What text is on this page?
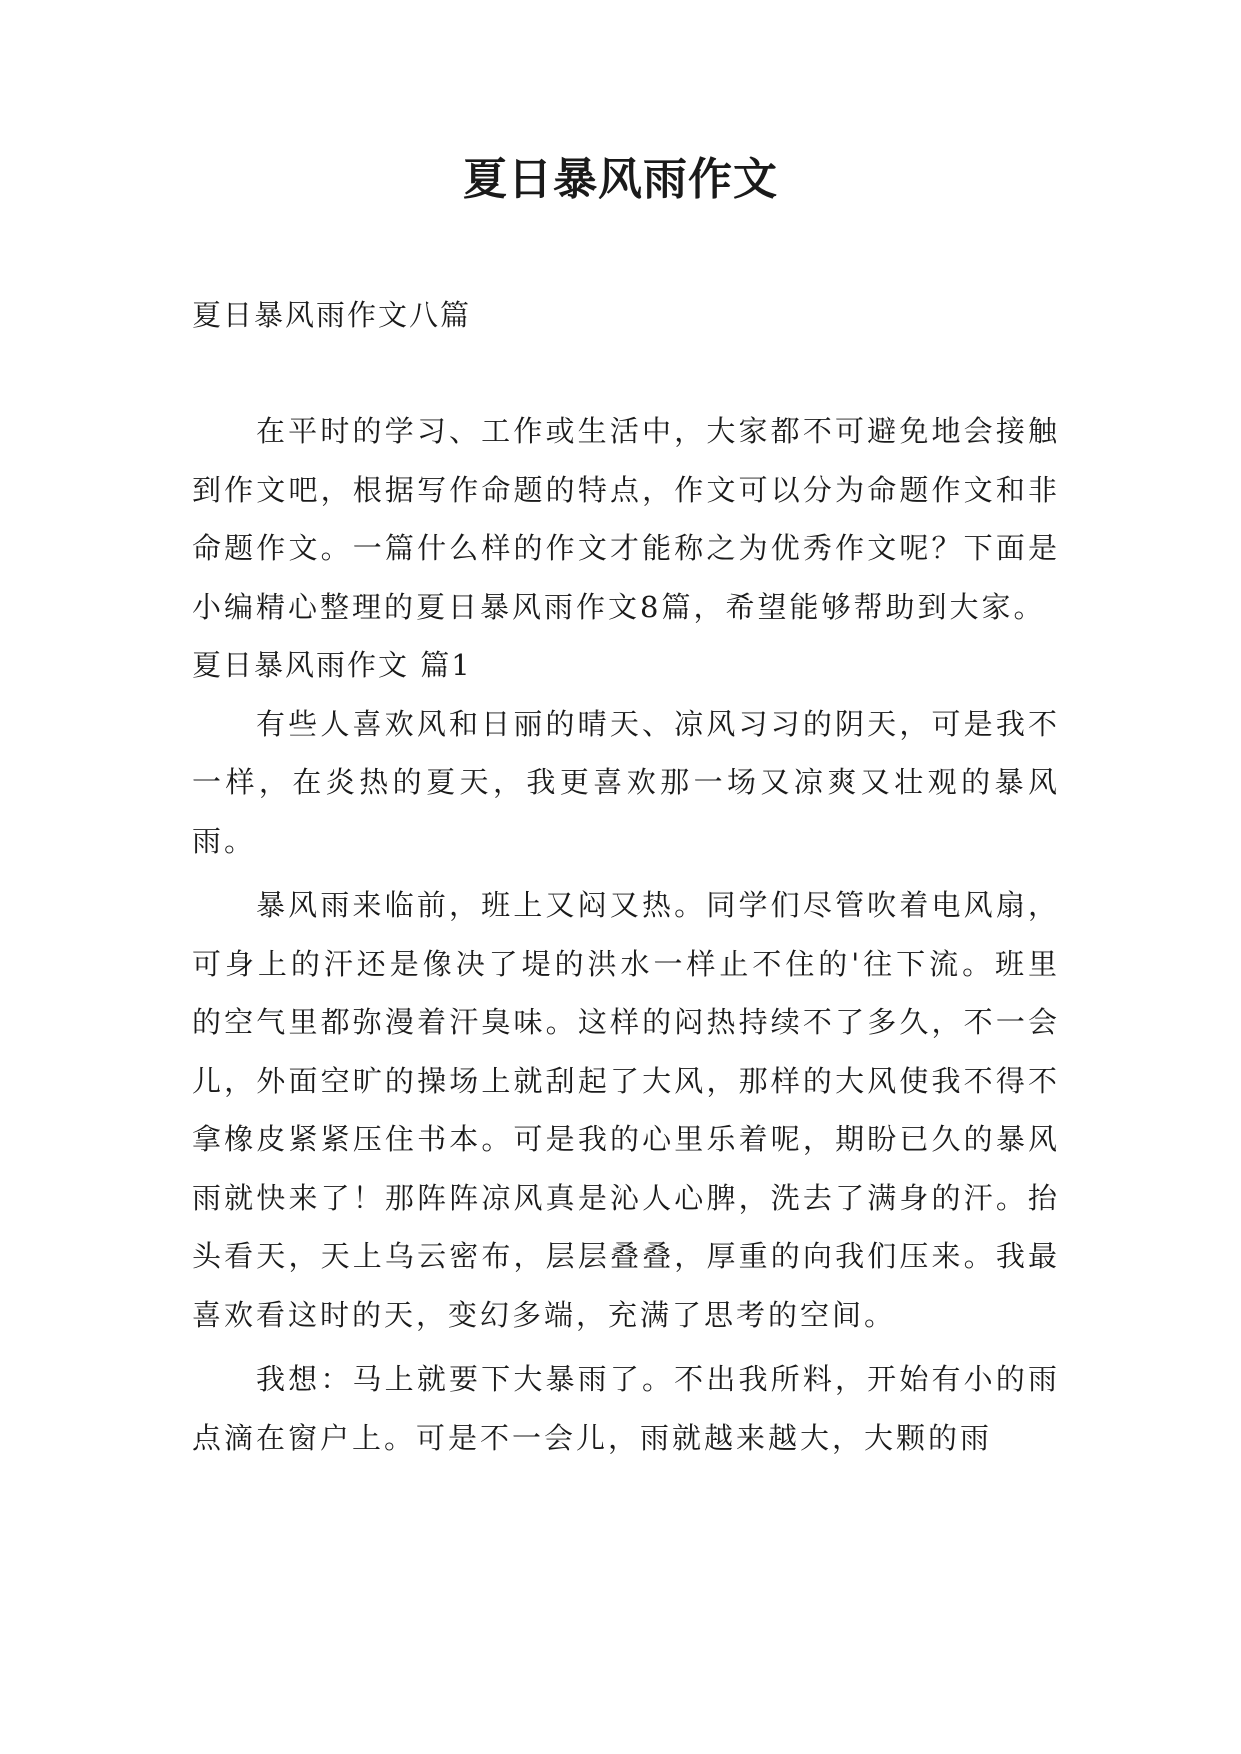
夏日暴风雨作文
夏日暴风雨作文八篇

在平时的学习、工作或生活中，大家都不可避免地会接触到作文吧，根据写作命题的特点，作文可以分为命题作文和非命题作文。一篇什么样的作文才能称之为优秀作文呢？下面是小编精心整理的夏日暴风雨作文8篇，希望能够帮助到大家。

夏日暴风雨作文 篇1

有些人喜欢风和日丽的晴天、凉风习习的阴天，可是我不一样，在炎热的夏天，我更喜欢那一场又凉爽又壮观的暴风雨。

暴风雨来临前，班上又闷又热。同学们尽管吹着电风扇，可身上的汗还是像决了堤的洪水一样止不住的'往下流。班里的空气里都弥漫着汗臭味。这样的闷热持续不了多久，不一会儿，外面空旷的操场上就刮起了大风，那样的大风使我不得不拿橡皮紧紧压住书本。可是我的心里乐着呢，期盼已久的暴风雨就快来了！那阵阵凉风真是沁人心脾，洗去了满身的汗。抬头看天，天上乌云密布，层层叠叠，厚重的向我们压来。我最喜欢看这时的天，变幻多端，充满了思考的空间。

我想：马上就要下大暴雨了。不出我所料，开始有小的雨点滴在窗户上。可是不一会儿，雨就越来越大，大颗的雨
